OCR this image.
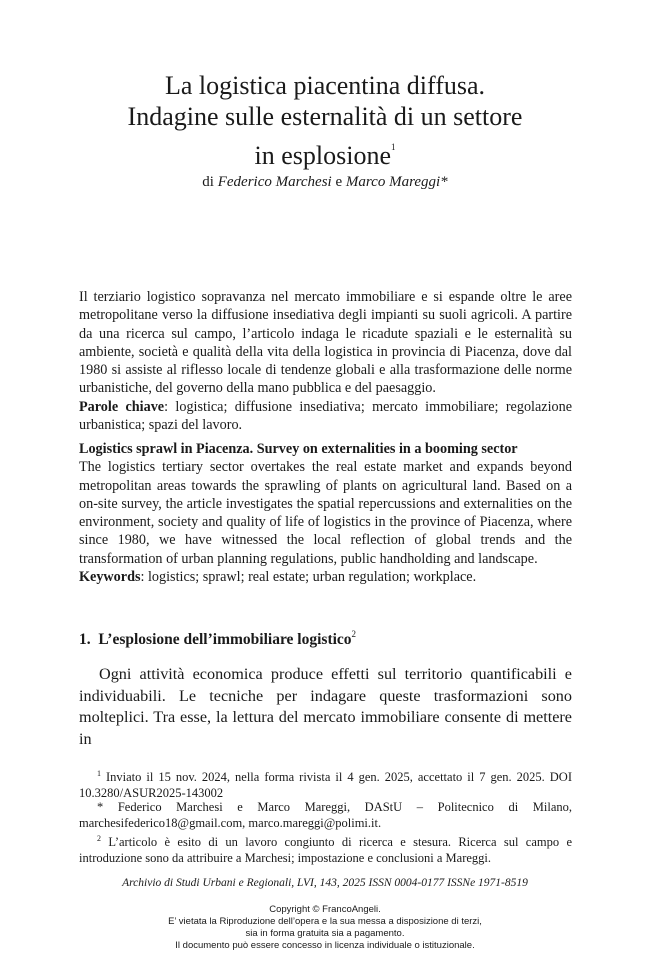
La logistica piacentina diffusa.
Indagine sulle esternalità di un settore
in esplosione$^1$
di Federico Marchesi e Marco Mareggi*
Il terziario logistico sopravanza nel mercato immobiliare e si espande oltre le aree metropolitane verso la diffusione insediativa degli impianti su suoli agricoli. A partire da una ricerca sul campo, l’articolo indaga le ricadute spaziali e le esternalità su ambiente, società e qualità della vita della logistica in provincia di Piacenza, dove dal 1980 si assiste al riflesso locale di tendenze globali e alla trasformazione delle norme urbanistiche, del governo della mano pubblica e del paesaggio.
Parole chiave: logistica; diffusione insediativa; mercato immobiliare; regolazione urbanistica; spazi del lavoro.
Logistics sprawl in Piacenza. Survey on externalities in a booming sector
The logistics tertiary sector overtakes the real estate market and expands beyond metropolitan areas towards the sprawling of plants on agricultural land. Based on a on-site survey, the article investigates the spatial repercussions and externalities on the environment, society and quality of life of logistics in the province of Piacenza, where since 1980, we have witnessed the local reflection of global trends and the transformation of urban planning regulations, public handholding and landscape.
Keywords: logistics; sprawl; real estate; urban regulation; workplace.
1. L’esplosione dell’immobiliare logistico$^2$
Ogni attività economica produce effetti sul territorio quantificabili e individuabili. Le tecniche per indagare queste trasformazioni sono molteplici. Tra esse, la lettura del mercato immobiliare consente di mettere in
$^1$ Inviato il 15 nov. 2024, nella forma rivista il 4 gen. 2025, accettato il 7 gen. 2025. DOI 10.3280/ASUR2025-143002
* Federico Marchesi e Marco Mareggi, DAStU – Politecnico di Milano, marchesifederico18@gmail.com, marco.mareggi@polimi.it.
$^2$ L’articolo è esito di un lavoro congiunto di ricerca e stesura. Ricerca sul campo e introduzione sono da attribuire a Marchesi; impostazione e conclusioni a Mareggi.
Archivio di Studi Urbani e Regionali, LVI, 143, 2025 ISSN 0004-0177 ISSNe 1971-8519
Copyright © FrancoAngeli.
E’ vietata la Riproduzione dell’opera e la sua messa a disposizione di terzi,
sia in forma gratuita sia a pagamento.
Il documento può essere concesso in licenza individuale o istituzionale.
